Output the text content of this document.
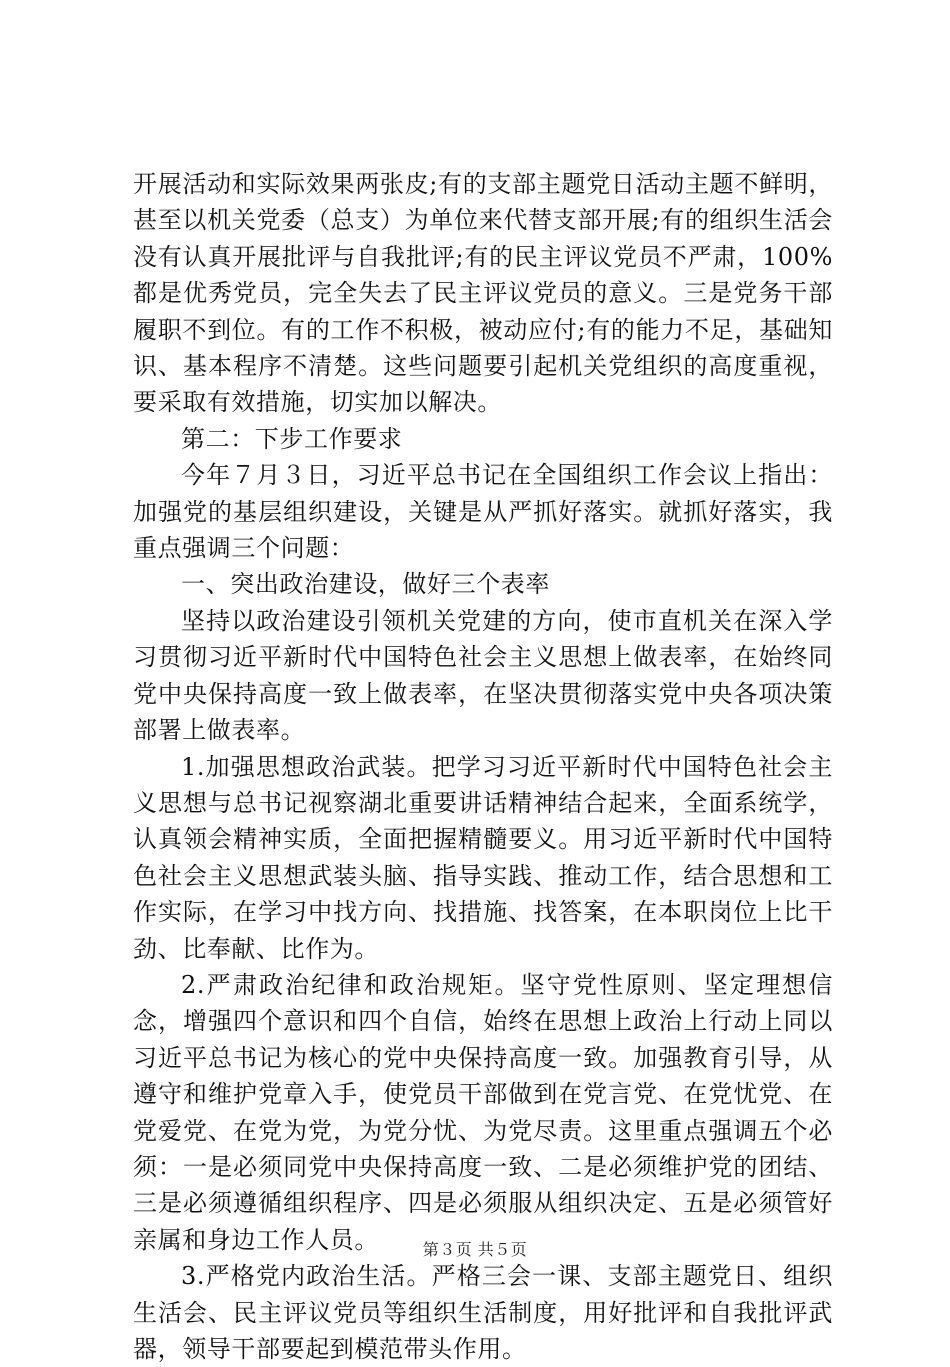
开展活动和实际效果两张皮;有的支部主题党日活动主题不鲜明，甚至以机关党委（总支）为单位来代替支部开展;有的组织生活会没有认真开展批评与自我批评;有的民主评议党员不严肃，100%都是优秀党员，完全失去了民主评议党员的意义。三是党务干部履职不到位。有的工作不积极，被动应付;有的能力不足，基础知识、基本程序不清楚。这些问题要引起机关党组织的高度重视，要采取有效措施，切实加以解决。

第二：下步工作要求

今年７月３日，习近平总书记在全国组织工作会议上指出：加强党的基层组织建设，关键是从严抓好落实。就抓好落实，我重点强调三个问题：

一、突出政治建设，做好三个表率

坚持以政治建设引领机关党建的方向，使市直机关在深入学习贯彻习近平新时代中国特色社会主义思想上做表率，在始终同党中央保持高度一致上做表率，在坚决贯彻落实党中央各项决策部署上做表率。

1.加强思想政治武装。把学习习近平新时代中国特色社会主义思想与总书记视察湖北重要讲话精神结合起来，全面系统学，认真领会精神实质，全面把握精髓要义。用习近平新时代中国特色社会主义思想武装头脑、指导实践、推动工作，结合思想和工作实际，在学习中找方向、找措施、找答案，在本职岗位上比干劲、比奉献、比作为。

2.严肃政治纪律和政治规矩。坚守党性原则、坚定理想信念，增强四个意识和四个自信，始终在思想上政治上行动上同以习近平总书记为核心的党中央保持高度一致。加强教育引导，从遵守和维护党章入手，使党员干部做到在党言党、在党忧党、在党爱党、在党为党，为党分忧、为党尽责。这里重点强调五个必须：一是必须同党中央保持高度一致、二是必须维护党的团结、三是必须遵循组织程序、四是必须服从组织决定、五是必须管好亲属和身边工作人员。

3.严格党内政治生活。严格三会一课、支部主题党日、组织生活会、民主评议党员等组织生活制度，用好批评和自我批评武器，领导干部要起到模范带头作用。

第３页 共５页
